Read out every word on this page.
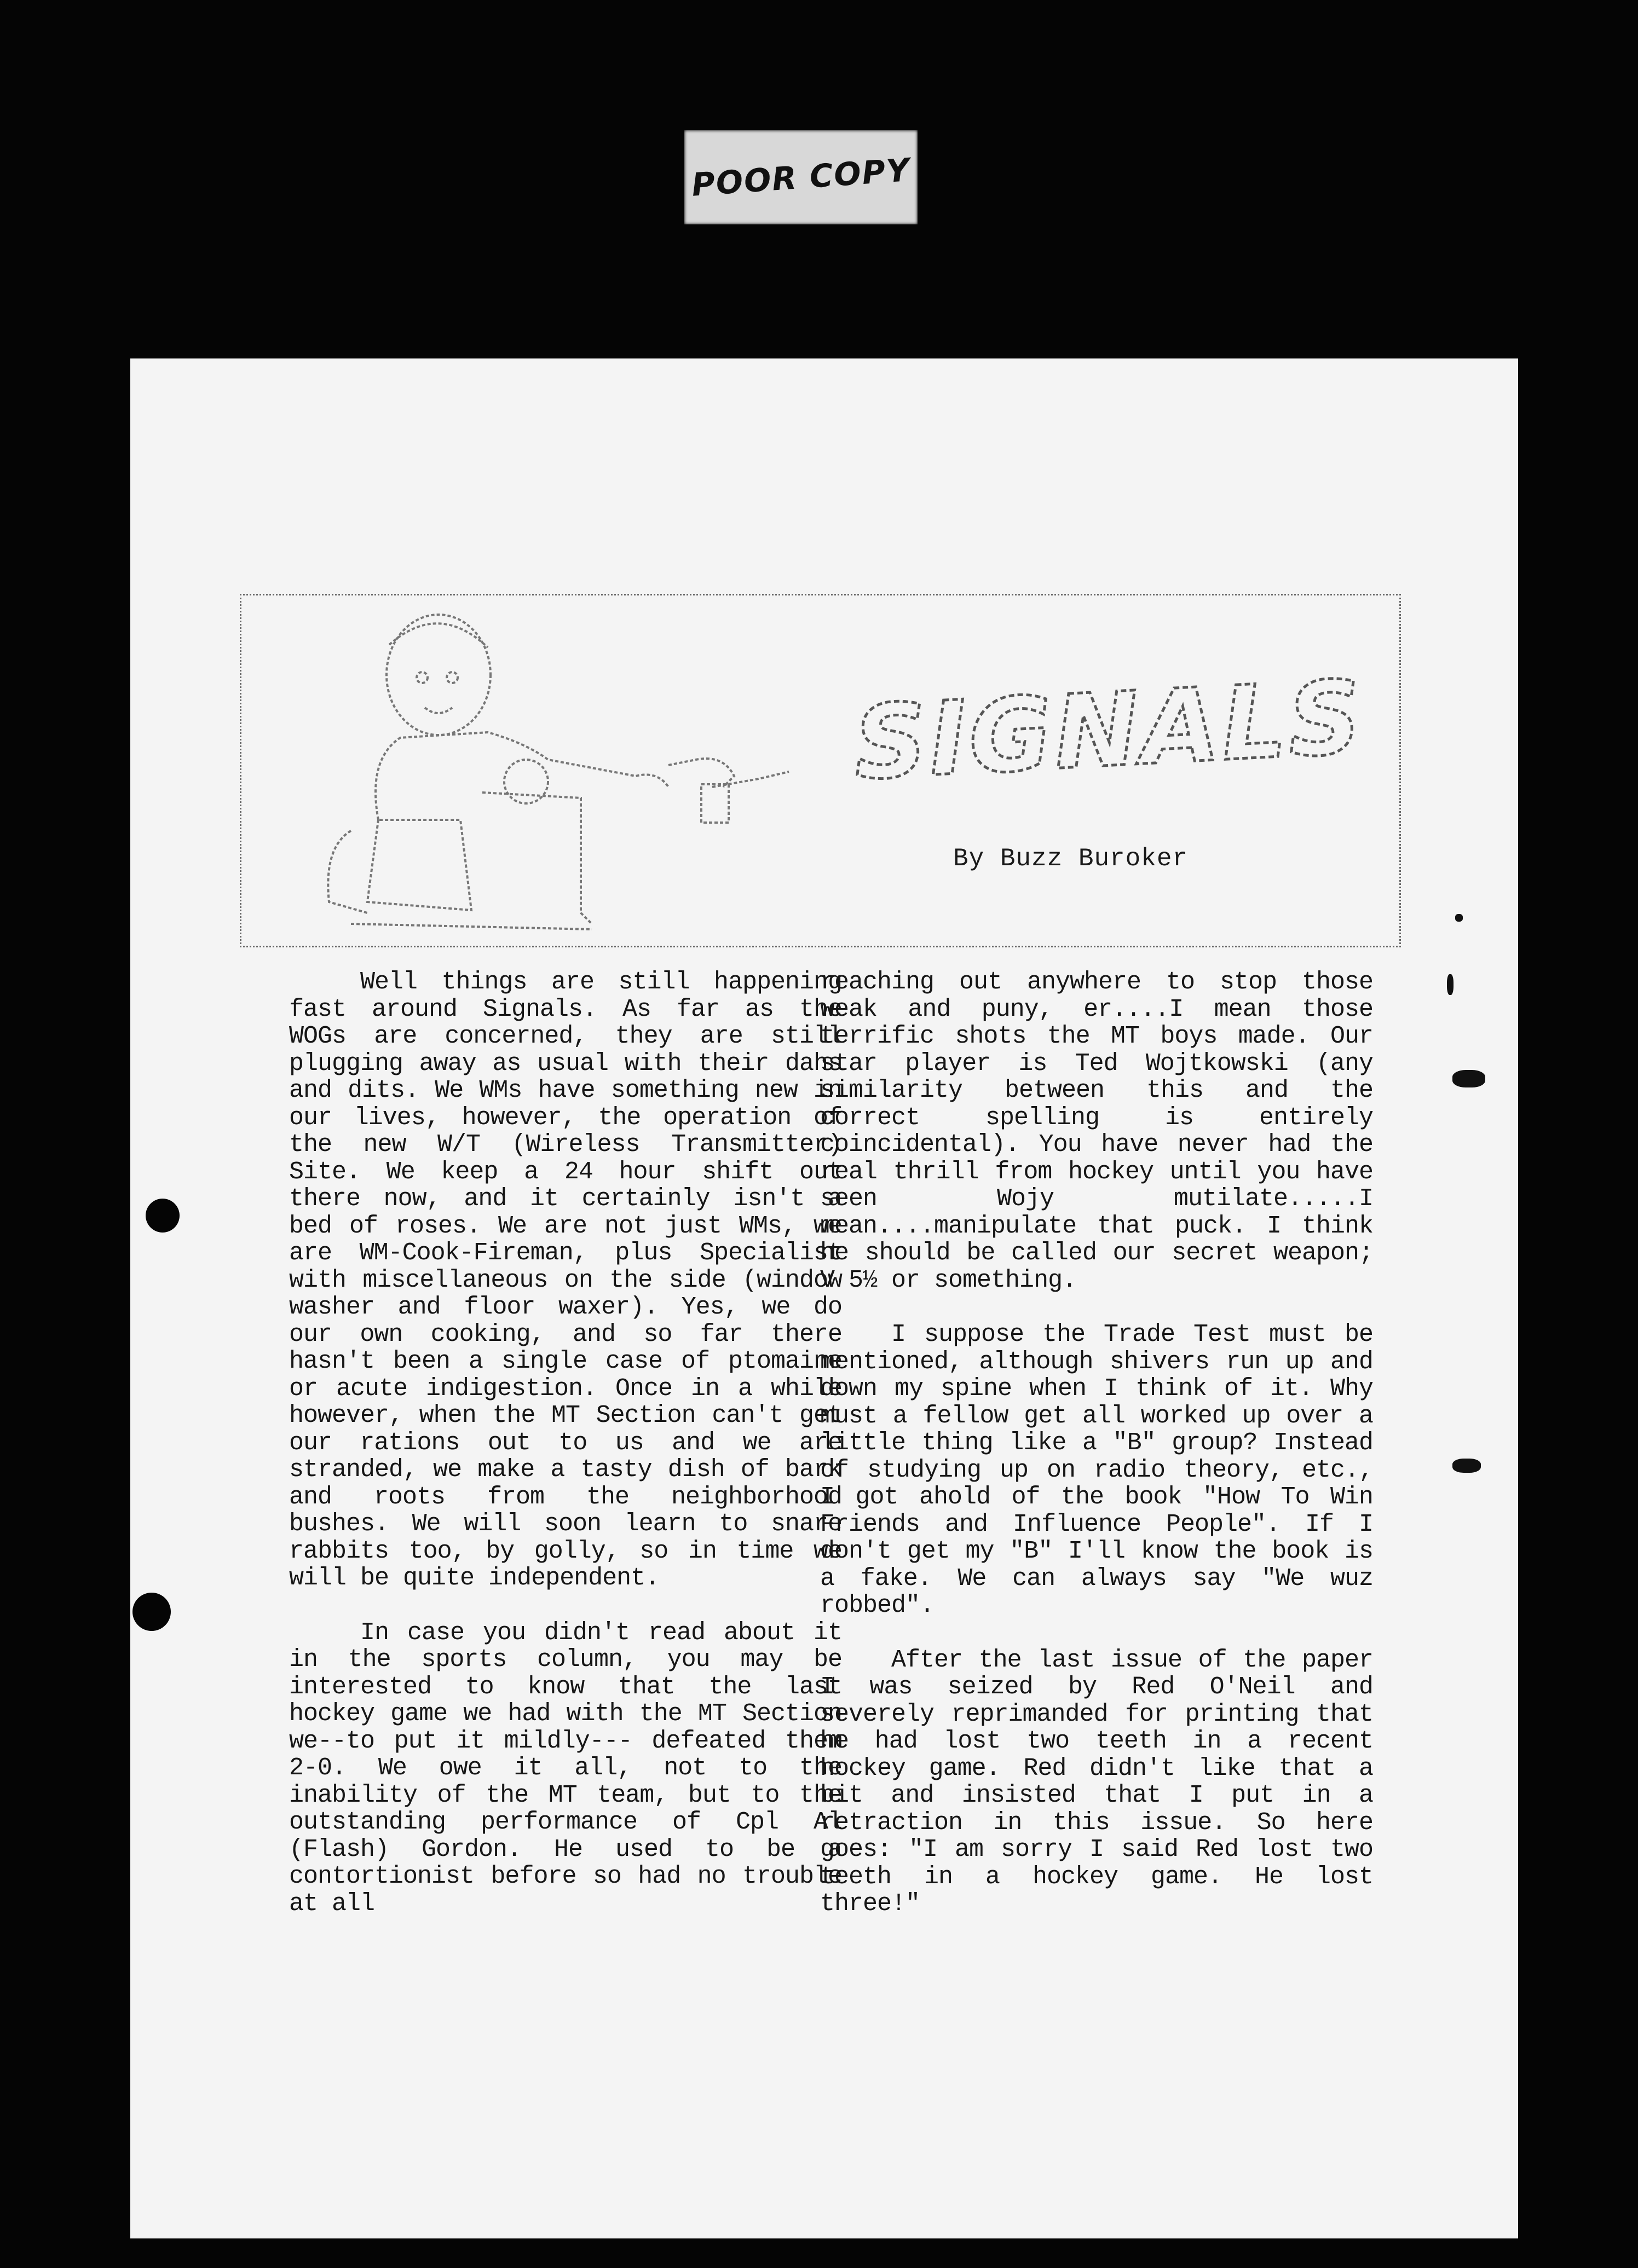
POOR COPY
SIGNALS
By Buzz Buroker

Well things are still happening fast around Signals. As far as the WOGs are concerned, they are still plugging away as usual with their dahs and dits. We WMs have something new in our lives, however, the operation of the new W/T (Wireless Transmitter) Site. We keep a 24 hour shift out there now, and it certainly isn't a bed of roses. We are not just WMs, we are WM-Cook-Fireman, plus Specialist with miscellaneous on the side (window washer and floor waxer). Yes, we do our own cooking, and so far there hasn't been a single case of ptomaine or acute indigestion. Once in a while however, when the MT Section can't get our rations out to us and we are stranded, we make a tasty dish of bark and roots from the neighborhood bushes. We will soon learn to snare rabbits too, by golly, so in time we will be quite independent.

In case you didn't read about it in the sports column, you may be interested to know that the last hockey game we had with the MT Section we--to put it mildly--- defeated them 2-0. We owe it all, not to the inability of the MT team, but to the outstanding performance of Cpl Al (Flash) Gordon. He used to be a contortionist before so had no trouble at all

reaching out anywhere to stop those weak and puny, er....I mean those terrific shots the MT boys made. Our star player is Ted Wojtkowski (any similarity between this and the correct spelling is entirely coincidental). You have never had the real thrill from hockey until you have seen Wojy mutilate.....I mean....manipulate that puck. I think he should be called our secret weapon; V 5½ or something.

I suppose the Trade Test must be mentioned, although shivers run up and down my spine when I think of it. Why must a fellow get all worked up over a little thing like a "B" group? Instead of studying up on radio theory, etc., I got ahold of the book "How To Win Friends and Influence People". If I don't get my "B" I'll know the book is a fake. We can always say "We wuz robbed".

After the last issue of the paper I was seized by Red O'Neil and severely reprimanded for printing that he had lost two teeth in a recent hockey game. Red didn't like that a bit and insisted that I put in a retraction in this issue. So here goes: "I am sorry I said Red lost two teeth in a hockey game. He lost three!"
